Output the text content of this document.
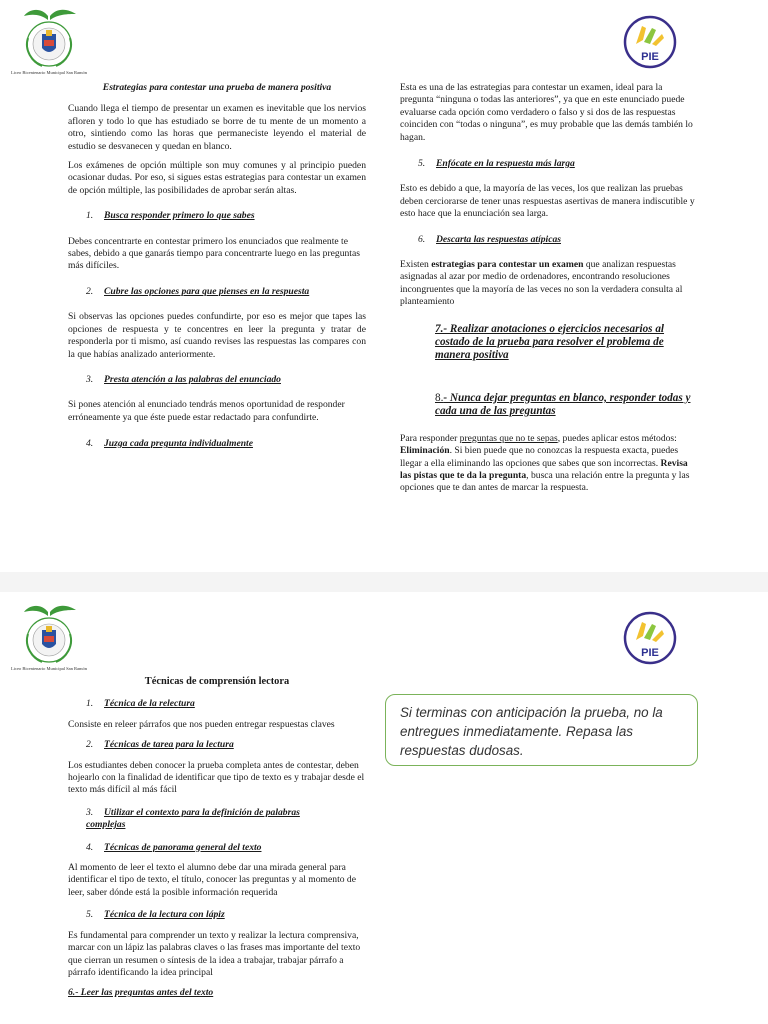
Liceo Bicentenario Municipal San Ramón
PIE

Estrategias para contestar una prueba de manera positiva

Cuando llega el tiempo de presentar un examen es inevitable que los nervios afloren y todo lo que has estudiado se borre de tu mente de un momento a otro, sintiendo como las horas que permaneciste leyendo el material de estudio se desvanecen y quedan en blanco.

Los exámenes de opción múltiple son muy comunes y al principio pueden ocasionar dudas. Por eso, si sigues estas estrategias para contestar un examen de opción múltiple, las posibilidades de aprobar serán altas.

1. Busca responder primero lo que sabes

Debes concentrarte en contestar primero los enunciados que realmente te sabes, debido a que ganarás tiempo para concentrarte luego en las preguntas más difíciles.

2. Cubre las opciones para que pienses en la respuesta

Si observas las opciones puedes confundirte, por eso es mejor que tapes las opciones de respuesta y te concentres en leer la pregunta y tratar de responderla por ti mismo, así cuando revises las respuestas las compares con la que habías analizado anteriormente.

3. Presta atención a las palabras del enunciado

Si pones atención al enunciado tendrás menos oportunidad de responder erróneamente ya que éste puede estar redactado para confundirte.

4. Juzga cada pregunta individualmente

Esta es una de las estrategias para contestar un examen, ideal para la pregunta “ninguna o todas las anteriores”, ya que en este enunciado puede evaluarse cada opción como verdadero o falso y si dos de las respuestas coinciden con “todas o ninguna”, es muy probable que las demás también lo hagan.

5. Enfócate en la respuesta más larga

Esto es debido a que, la mayoría de las veces, los que realizan las pruebas deben cerciorarse de tener unas respuestas asertivas de manera indiscutible y esto hace que la enunciación sea larga.

6. Descarta las respuestas atípicas

Existen estrategias para contestar un examen que analizan respuestas asignadas al azar por medio de ordenadores, encontrando resoluciones incongruentes que la mayoría de las veces no son la verdadera consulta al planteamiento

7.- Realizar anotaciones o ejercicios necesarios al costado de la prueba para resolver el problema de manera positiva

8.- Nunca dejar preguntas en blanco, responder todas y cada una de las preguntas

Para responder preguntas que no te sepas, puedes aplicar estos métodos: Eliminación. Si bien puede que no conozcas la respuesta exacta, puedes llegar a ella eliminando las opciones que sabes que son incorrectas. Revisa las pistas que te da la pregunta, busca una relación entre la pregunta y las opciones que te dan antes de marcar la respuesta.

Liceo Bicentenario Municipal San Ramón
PIE

Técnicas de comprensión lectora

1. Técnica de la relectura

Consiste en releer párrafos que nos pueden entregar respuestas claves

2. Técnicas de tarea para la lectura

Los estudiantes deben conocer la prueba completa antes de contestar, deben hojearlo con la finalidad de identificar que tipo de texto es y trabajar desde el texto más difícil al más fácil

3. Utilizar el contexto para la definición de palabras complejas

4. Técnicas de panorama general del texto

Al momento de leer el texto el alumno debe dar una mirada general para identificar el tipo de texto, el título, conocer las preguntas y al momento de leer, saber dónde está la posible información requerida

5. Técnica de la lectura con lápiz

Es fundamental para comprender un texto y realizar la lectura comprensiva, marcar con un lápiz las palabras claves o las frases mas importante del texto que cierran un resumen o síntesis de la idea a trabajar, trabajar párrafo a párrafo identificando la idea principal

6.- Leer las preguntas antes del texto

Si terminas con anticipación la prueba, no la entregues inmediatamente. Repasa las respuestas dudosas.
